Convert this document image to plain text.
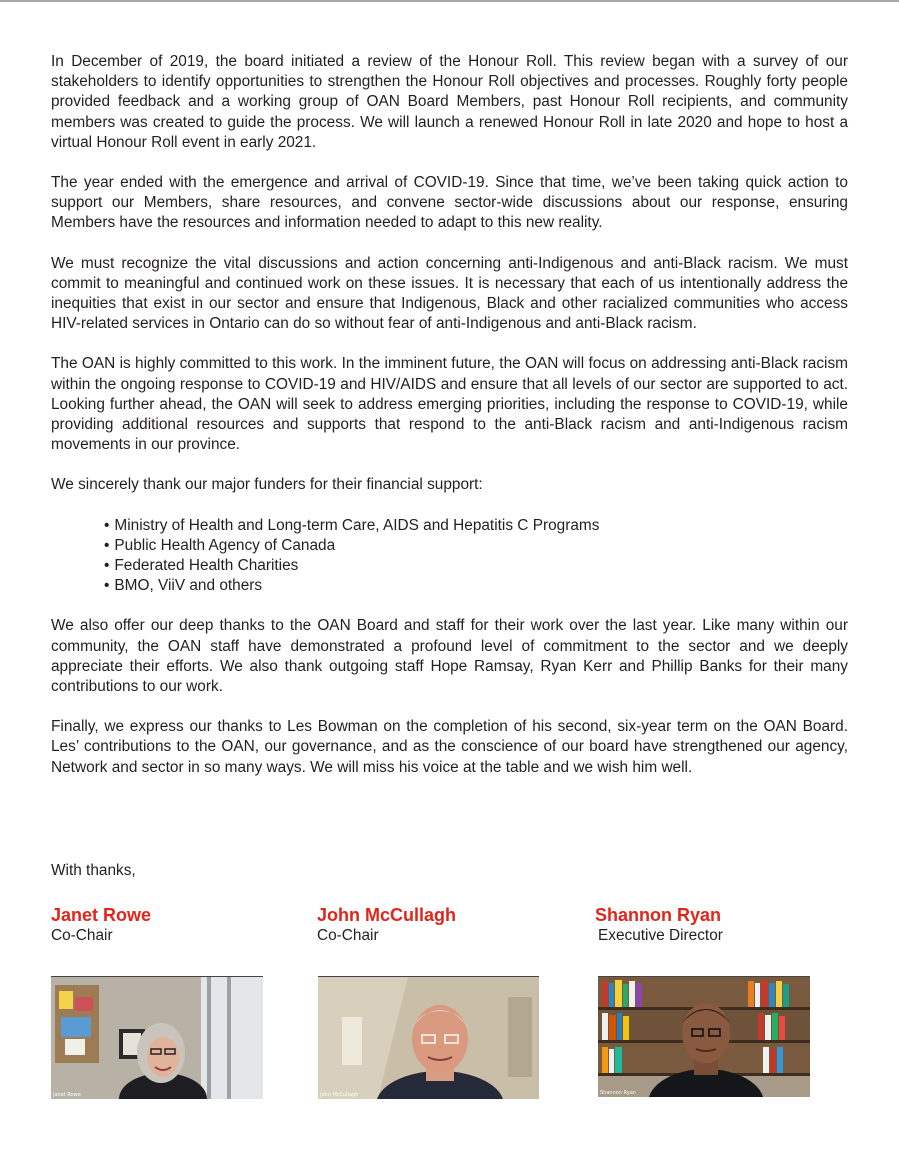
In December of 2019, the board initiated a review of the Honour Roll. This review began with a survey of our stakeholders to identify opportunities to strengthen the Honour Roll objectives and processes. Roughly forty people provided feedback and a working group of OAN Board Members, past Honour Roll recipients, and community members was created to guide the process. We will launch a renewed Honour Roll in late 2020 and hope to host a virtual Honour Roll event in early 2021.

The year ended with the emergence and arrival of COVID-19. Since that time, we’ve been taking quick action to support our Members, share resources, and convene sector-wide discussions about our response, ensuring Members have the resources and information needed to adapt to this new reality.

We must recognize the vital discussions and action concerning anti-Indigenous and anti-Black racism. We must commit to meaningful and continued work on these issues. It is necessary that each of us intentionally address the inequities that exist in our sector and ensure that Indigenous, Black and other racialized communities who access HIV-related services in Ontario can do so without fear of anti-Indigenous and anti-Black racism.

The OAN is highly committed to this work. In the imminent future, the OAN will focus on addressing anti-Black racism within the ongoing response to COVID-19 and HIV/AIDS and ensure that all levels of our sector are supported to act. Looking further ahead, the OAN will seek to address emerging priorities, including the response to COVID-19, while providing additional resources and supports that respond to the anti-Black racism and anti-Indigenous racism movements in our province.

We sincerely thank our major funders for their financial support:

• Ministry of Health and Long-term Care, AIDS and Hepatitis C Programs
• Public Health Agency of Canada
• Federated Health Charities
• BMO, ViiV and others

We also offer our deep thanks to the OAN Board and staff for their work over the last year. Like many within our community, the OAN staff have demonstrated a profound level of commitment to the sector and we deeply appreciate their efforts. We also thank outgoing staff Hope Ramsay, Ryan Kerr and Phillip Banks for their many contributions to our work.

Finally, we express our thanks to Les Bowman on the completion of his second, six-year term on the OAN Board. Les’ contributions to the OAN, our governance, and as the conscience of our board have strengthened our agency, Network and sector in so many ways. We will miss his voice at the table and we wish him well.

With thanks,
Janet Rowe
Co-Chair
John McCullagh
Co-Chair
Shannon Ryan
Executive Director
Janet Rowe	John McCullagh	Shannon Ryan
